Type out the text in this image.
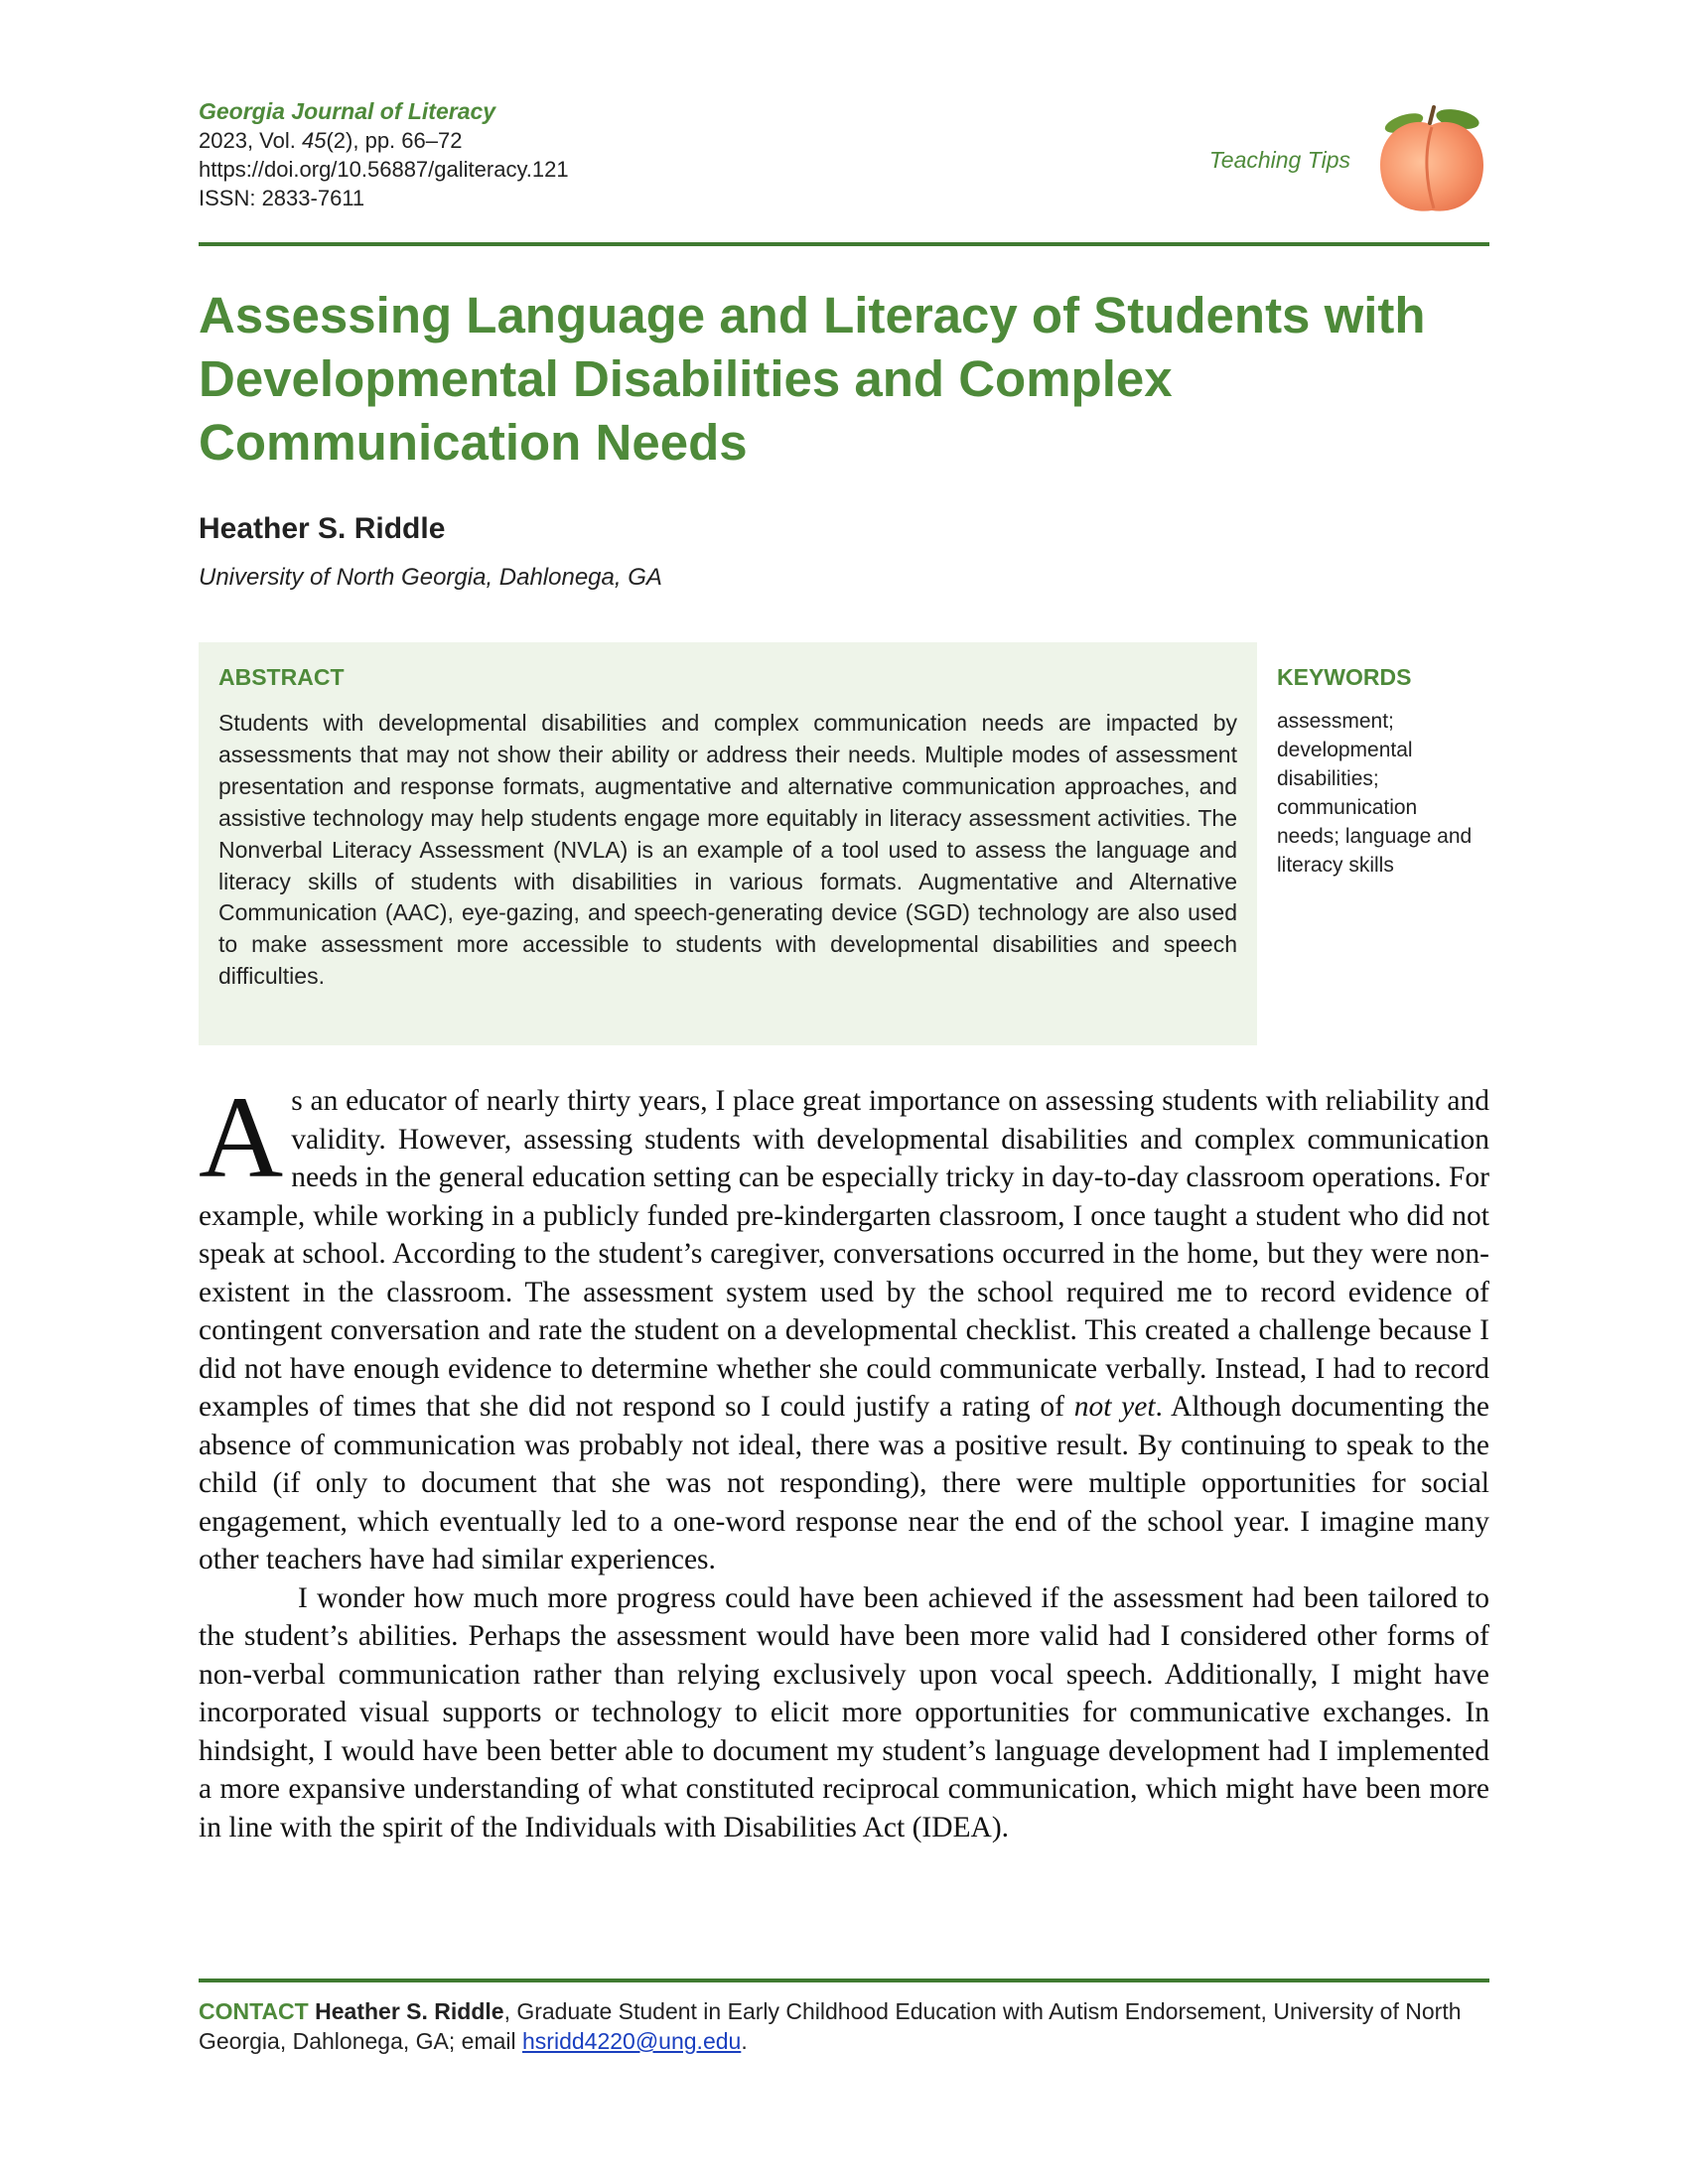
Georgia Journal of Literacy
2023, Vol. 45(2), pp. 66–72
https://doi.org/10.56887/galiteracy.121
ISSN: 2833-7611
Teaching Tips
Assessing Language and Literacy of Students with Developmental Disabilities and Complex Communication Needs
Heather S. Riddle
University of North Georgia, Dahlonega, GA
ABSTRACT

Students with developmental disabilities and complex communication needs are impacted by assessments that may not show their ability or address their needs. Multiple modes of assessment presentation and response formats, augmentative and alternative communication approaches, and assistive technology may help students engage more equitably in literacy assessment activities. The Nonverbal Literacy Assessment (NVLA) is an example of a tool used to assess the language and literacy skills of students with disabilities in various formats. Augmentative and Alternative Communication (AAC), eye-gazing, and speech-generating device (SGD) technology are also used to make assessment more accessible to students with developmental disabilities and speech difficulties.

KEYWORDS

assessment; developmental disabilities; communication needs; language and literacy skills

As an educator of nearly thirty years, I place great importance on assessing students with reliability and validity. However, assessing students with developmental disabilities and complex communication needs in the general education setting can be especially tricky in day-to-day classroom operations. For example, while working in a publicly funded pre-kindergarten classroom, I once taught a student who did not speak at school. According to the student’s caregiver, conversations occurred in the home, but they were non-existent in the classroom. The assessment system used by the school required me to record evidence of contingent conversation and rate the student on a developmental checklist. This created a challenge because I did not have enough evidence to determine whether she could communicate verbally. Instead, I had to record examples of times that she did not respond so I could justify a rating of not yet. Although documenting the absence of communication was probably not ideal, there was a positive result. By continuing to speak to the child (if only to document that she was not responding), there were multiple opportunities for social engagement, which eventually led to a one-word response near the end of the school year. I imagine many other teachers have had similar experiences.

I wonder how much more progress could have been achieved if the assessment had been tailored to the student’s abilities. Perhaps the assessment would have been more valid had I considered other forms of non-verbal communication rather than relying exclusively upon vocal speech. Additionally, I might have incorporated visual supports or technology to elicit more opportunities for communicative exchanges. In hindsight, I would have been better able to document my student’s language development had I implemented a more expansive understanding of what constituted reciprocal communication, which might have been more in line with the spirit of the Individuals with Disabilities Act (IDEA).

CONTACT Heather S. Riddle, Graduate Student in Early Childhood Education with Autism Endorsement, University of North Georgia, Dahlonega, GA; email hsridd4220@ung.edu.
